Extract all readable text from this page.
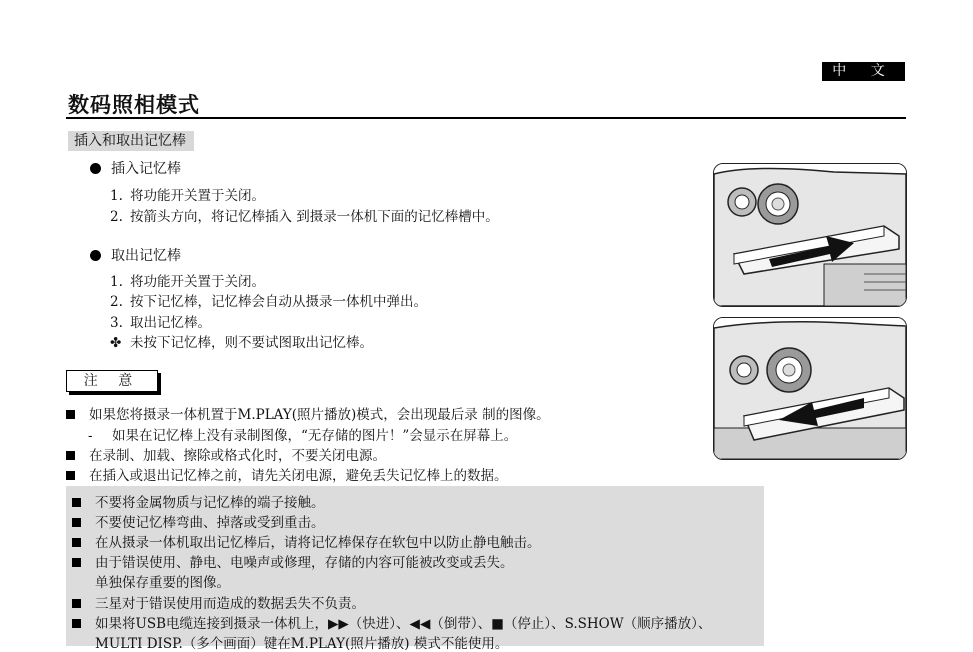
中 文
数码照相模式
插入和取出记忆棒
插入记忆棒
1. 将功能开关置于关闭。
2. 按箭头方向，将记忆棒插入 到摄录一体机下面的记忆棒槽中。
取出记忆棒
1. 将功能开关置于关闭。
2. 按下记忆棒，记忆棒会自动从摄录一体机中弹出。
3. 取出记忆棒。
✤ 未按下记忆棒，则不要试图取出记忆棒。
注 意
如果您将摄录一体机置于M.PLAY(照片播放)模式，会出现最后录 制的图像。
- 如果在记忆棒上没有录制图像，“无存储的图片！”会显示在屏幕上。
在录制、加载、擦除或格式化时，不要关闭电源。
在插入或退出记忆棒之前，请先关闭电源，避免丢失记忆棒上的数据。
不要将金属物质与记忆棒的端子接触。
不要使记忆棒弯曲、掉落或受到重击。
在从摄录一体机取出记忆棒后，请将记忆棒保存在软包中以防止静电触击。
由于错误使用、静电、电噪声或修理，存储的内容可能被改变或丢失。
单独保存重要的图像。
三星对于错误使用而造成的数据丢失不负责。
如果将USB电缆连接到摄录一体机上，▶▶（快进）、◀◀（倒带）、■（停止）、S.SHOW（顺序播放）、
MULTI DISP.（多个画面）键在M.PLAY(照片播放) 模式不能使用。
